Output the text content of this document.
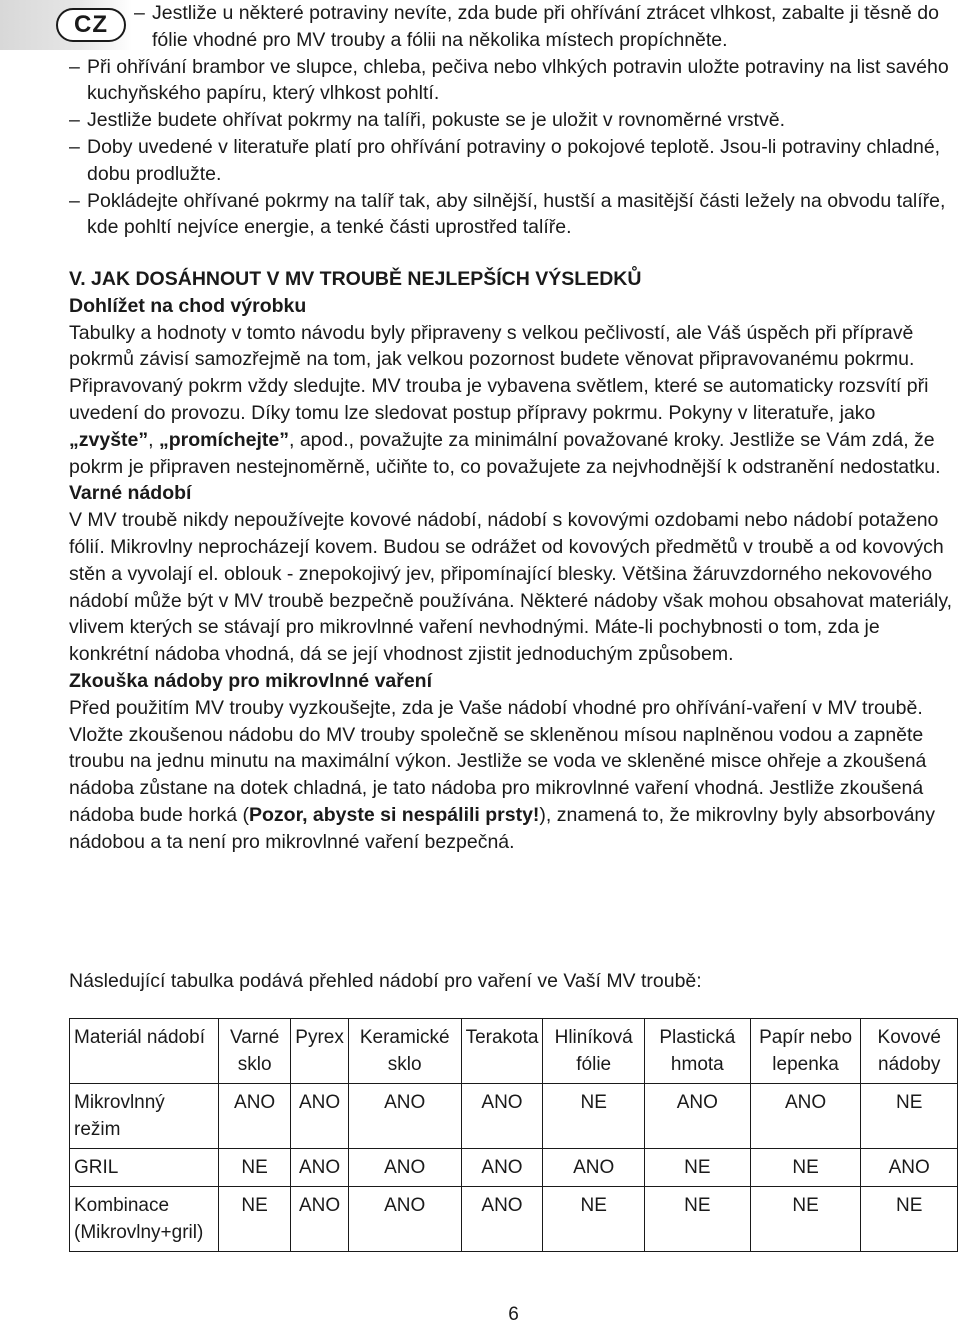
CZ – Jestliže u některé potraviny nevíte, zda bude při ohřívání ztrácet vlhkost, zabalte ji těsně do fólie vhodné pro MV trouby a fólii na několika místech propíchněte.
– Při ohřívání brambor ve slupce, chleba, pečiva nebo vlhkých potravin uložte potraviny na list savého kuchyňského papíru, který vlhkost pohltí.
– Jestliže budete ohřívat pokrmy na talíři, pokuste se je uložit v rovnoměrné vrstvě.
– Doby uvedené v literatuře platí pro ohřívání potraviny o pokojové teplotě. Jsou-li potraviny chladné, dobu prodlužte.
– Pokládejte ohřívané pokrmy na talíř tak, aby silnější, hustší a masitější části ležely na obvodu talíře, kde pohltí nejvíce energie, a tenké části uprostřed talíře.

V. JAK DOSÁHNOUT V MV TROUBĚ NEJLEPŠÍCH VÝSLEDKŮ

Dohlížet na chod výrobku

Tabulky a hodnoty v tomto návodu byly připraveny s velkou pečlivostí, ale Váš úspěch při přípravě pokrmů závisí samozřejmě na tom, jak velkou pozornost budete věnovat připravovanému pokrmu. Připravovaný pokrm vždy sledujte. MV trouba je vybavena světlem, které se automaticky rozsvítí při uvedení do provozu. Díky tomu lze sledovat postup přípravy pokrmu. Pokyny v literatuře, jako „zvyšte”, „promíchejte”, apod., považujte za minimální považované kroky. Jestliže se Vám zdá, že pokrm je připraven nestejnoměrně, učiňte to, co považujete za nejvhodnější k odstranění nedostatku.

Varné nádobí

V MV troubě nikdy nepoužívejte kovové nádobí, nádobí s kovovými ozdobami nebo nádobí potaženo fólií. Mikrovlny neprocházejí kovem. Budou se odrážet od kovových předmětů v troubě a od kovových stěn a vyvolají el. oblouk - znepokojivý jev, připomínající blesky. Většina žáruvzdorného nekovového nádobí může být v MV troubě bezpečně používána. Některé nádoby však mohou obsahovat materiály, vlivem kterých se stávají pro mikrovlnné vaření nevhodnými. Máte-li pochybnosti o tom, zda je konkrétní nádoba vhodná, dá se její vhodnost zjistit jednoduchým způsobem.

Zkouška nádoby pro mikrovlnné vaření

Před použitím MV trouby vyzkoušejte, zda je Vaše nádobí vhodné pro ohřívání-vaření v MV troubě. Vložte zkoušenou nádobu do MV trouby společně se skleněnou mísou naplněnou vodou a zapněte troubu na jednu minutu na maximální výkon. Jestliže se voda ve skleněné misce ohřeje a zkoušená nádoba zůstane na dotek chladná, je tato nádoba pro mikrovlnné vaření vhodná. Jestliže zkoušená nádoba bude horká (Pozor, abyste si nespálili prsty!), znamená to, že mikrovlny byly absorbovány nádobou a ta není pro mikrovlnné vaření bezpečná.

Následující tabulka podává přehled nádobí pro vaření ve Vaší MV troubě:

Materiál nádobí	Varné sklo	Pyrex	Keramické sklo	Terakota	Hliníková fólie	Plastická hmota	Papír nebo lepenka	Kovové nádoby
Mikrovlnný režim	ANO	ANO	ANO	ANO	NE	ANO	ANO	NE
GRIL	NE	ANO	ANO	ANO	ANO	NE	NE	ANO
Kombinace (Mikrovlny+gril)	NE	ANO	ANO	ANO	NE	NE	NE	NE
6
